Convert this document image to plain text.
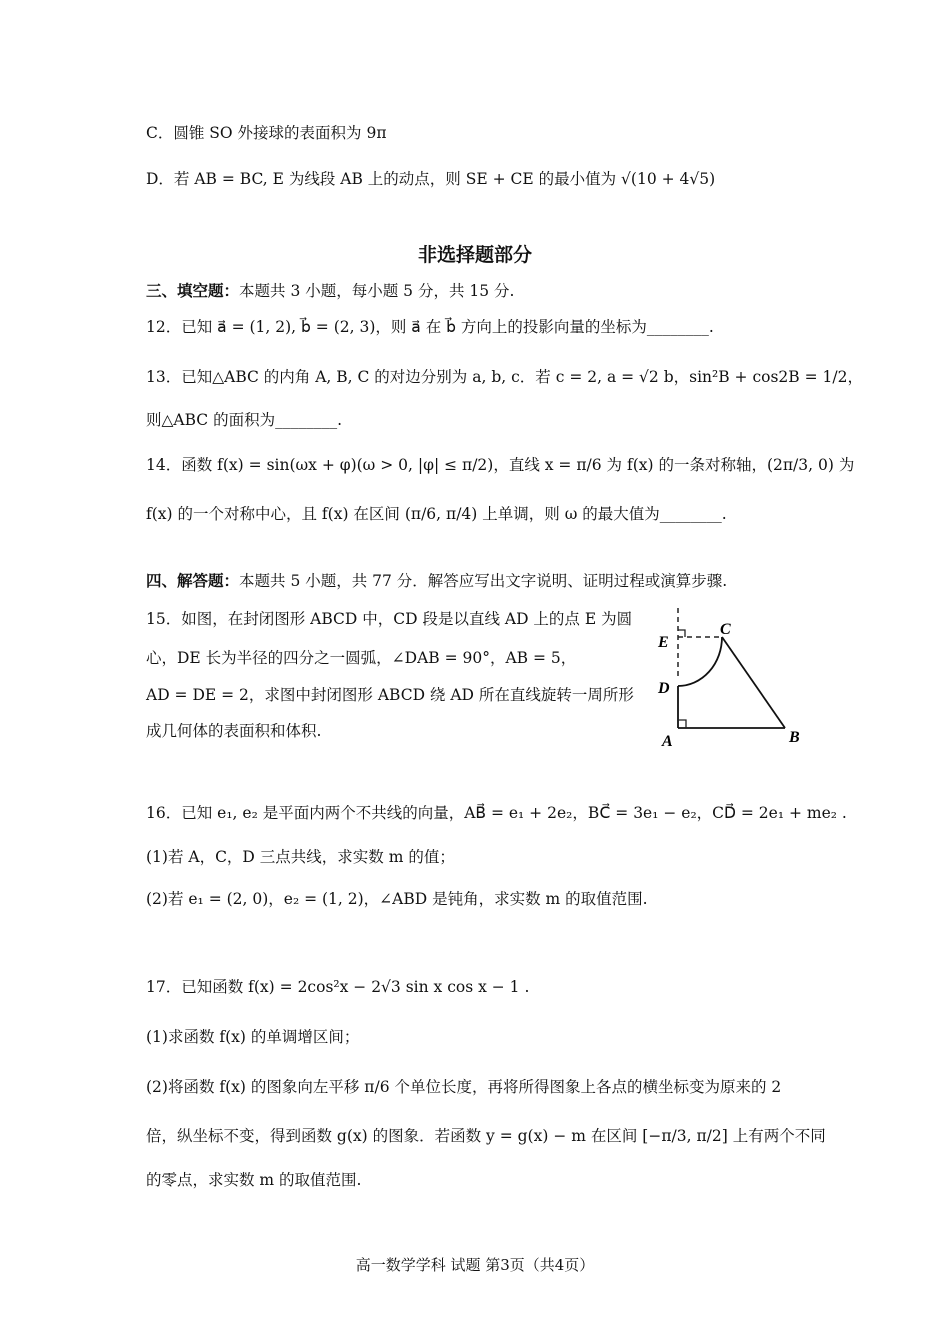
C．圆锥 SO 外接球的表面积为 9π
D．若 AB = BC, E 为线段 AB 上的动点，则 SE + CE 的最小值为 √(10 + 4√5)
非选择题部分
三、填空题：本题共 3 小题，每小题 5 分，共 15 分.
12．已知 a⃗ = (1, 2), b⃗ = (2, 3)，则 a⃗ 在 b⃗ 方向上的投影向量的坐标为________.
13．已知△ABC 的内角 A, B, C 的对边分别为 a, b, c．若 c = 2, a = √2 b，sin²B + cos2B = 1/2，
则△ABC 的面积为________.
14．函数 f(x) = sin(ωx + φ)(ω > 0, |φ| ≤ π/2)，直线 x = π/6 为 f(x) 的一条对称轴，(2π/3, 0) 为
f(x) 的一个对称中心，且 f(x) 在区间 (π/6, π/4) 上单调，则 ω 的最大值为________.
四、解答题：本题共 5 小题，共 77 分．解答应写出文字说明、证明过程或演算步骤.
15．如图，在封闭图形 ABCD 中，CD 段是以直线 AD 上的点 E 为圆
心，DE 长为半径的四分之一圆弧，∠DAB = 90°，AB = 5，
AD = DE = 2，求图中封闭图形 ABCD 绕 AD 所在直线旋转一周所形
成几何体的表面积和体积.
E
C
D
A	B
16．已知 e₁, e₂ 是平面内两个不共线的向量，AB⃗ = e₁ + 2e₂，BC⃗ = 3e₁ − e₂，CD⃗ = 2e₁ + me₂ .
(1)若 A，C，D 三点共线，求实数 m 的值；
(2)若 e₁ = (2, 0)，e₂ = (1, 2)，∠ABD 是钝角，求实数 m 的取值范围.
17．已知函数 f(x) = 2cos²x − 2√3 sin x cos x − 1 .
(1)求函数 f(x) 的单调增区间；
(2)将函数 f(x) 的图象向左平移 π/6 个单位长度，再将所得图象上各点的横坐标变为原来的 2
倍，纵坐标不变，得到函数 g(x) 的图象．若函数 y = g(x) − m 在区间 [−π/3, π/2] 上有两个不同
的零点，求实数 m 的取值范围.
高一数学学科 试题 第3页（共4页）
